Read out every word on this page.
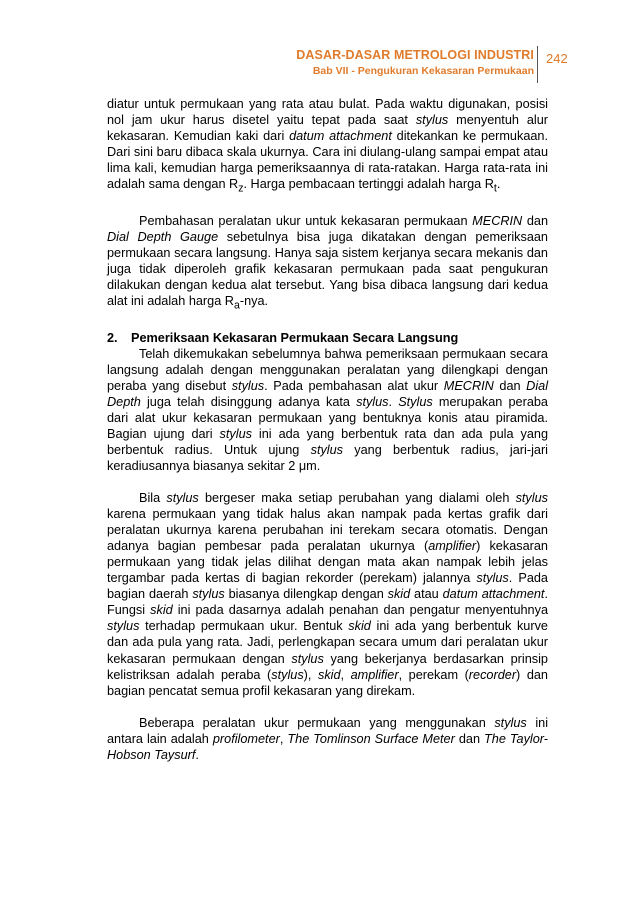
DASAR-DASAR METROLOGI INDUSTRI
Bab VII - Pengukuran Kekasaran Permukaan
242

diatur untuk permukaan yang rata atau bulat. Pada waktu digunakan, posisi nol jam ukur harus disetel yaitu tepat pada saat stylus menyentuh alur kekasaran. Kemudian kaki dari datum attachment ditekankan ke permukaan. Dari sini baru dibaca skala ukurnya. Cara ini diulang-ulang sampai empat atau lima kali, kemudian harga pemeriksaannya di rata-ratakan. Harga rata-rata ini adalah sama dengan $R_z$. Harga pembacaan tertinggi adalah harga $R_t$.

Pembahasan peralatan ukur untuk kekasaran permukaan MECRIN dan Dial Depth Gauge sebetulnya bisa juga dikatakan dengan pemeriksaan permukaan secara langsung. Hanya saja sistem kerjanya secara mekanis dan juga tidak diperoleh grafik kekasaran permukaan pada saat pengukuran dilakukan dengan kedua alat tersebut. Yang bisa dibaca langsung dari kedua alat ini adalah harga $R_a$-nya.

2. Pemeriksaan Kekasaran Permukaan Secara Langsung

Telah dikemukakan sebelumnya bahwa pemeriksaan permukaan secara langsung adalah dengan menggunakan peralatan yang dilengkapi dengan peraba yang disebut stylus. Pada pembahasan alat ukur MECRIN dan Dial Depth juga telah disinggung adanya kata stylus. Stylus merupakan peraba dari alat ukur kekasaran permukaan yang bentuknya konis atau piramida. Bagian ujung dari stylus ini ada yang berbentuk rata dan ada pula yang berbentuk radius. Untuk ujung stylus yang berbentuk radius, jari-jari keradiusannya biasanya sekitar 2 μm.

Bila stylus bergeser maka setiap perubahan yang dialami oleh stylus karena permukaan yang tidak halus akan nampak pada kertas grafik dari peralatan ukurnya karena perubahan ini terekam secara otomatis. Dengan adanya bagian pembesar pada peralatan ukurnya (amplifier) kekasaran permukaan yang tidak jelas dilihat dengan mata akan nampak lebih jelas tergambar pada kertas di bagian rekorder (perekam) jalannya stylus. Pada bagian daerah stylus biasanya dilengkap dengan skid atau datum attachment. Fungsi skid ini pada dasarnya adalah penahan dan pengatur menyentuhnya stylus terhadap permukaan ukur. Bentuk skid ini ada yang berbentuk kurve dan ada pula yang rata. Jadi, perlengkapan secara umum dari peralatan ukur kekasaran permukaan dengan stylus yang bekerjanya berdasarkan prinsip kelistriksan adalah peraba (stylus), skid, amplifier, perekam (recorder) dan bagian pencatat semua profil kekasaran yang direkam.

Beberapa peralatan ukur permukaan yang menggunakan stylus ini antara lain adalah profilometer, The Tomlinson Surface Meter dan The Taylor-Hobson Taysurf.
